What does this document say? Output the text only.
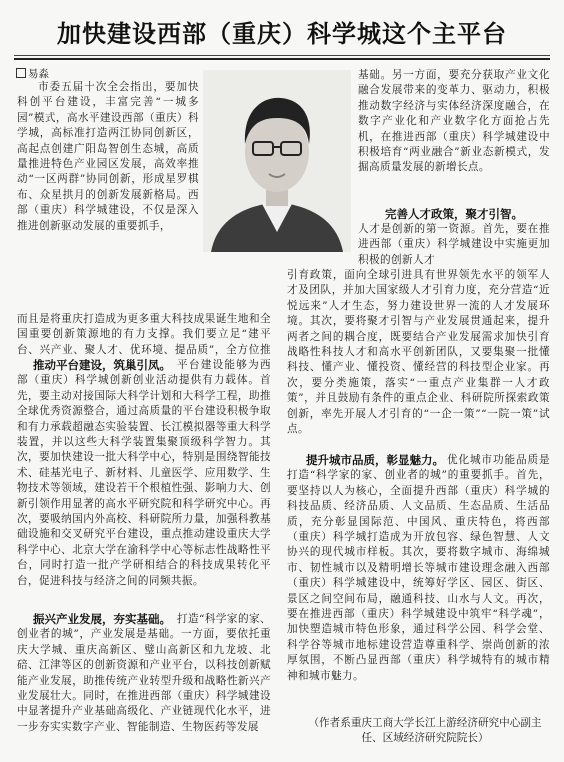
加快建设西部（重庆）科学城这个主平台
易淼
市委五届十次全会指出，要加快科创平台建设，丰富完善“一城多园”模式，高水平建设西部（重庆）科学城，高标准打造两江协同创新区，高起点创建广阳岛智创生态城，高质量推进特色产业园区发展，高效率推动“一区两群”协同创新，形成星罗棋布、众星拱月的创新发展新格局。西部（重庆）科学城建设，不仅是深入推进创新驱动发展的重要抓手，
而且是将重庆打造成为更多重大科技成果诞生地和全国重要创新策源地的有力支撑。我们要立足“建平台、兴产业、聚人才、优环境、提品质”，全方位推
推动平台建设，筑巢引凤。 平台建设能够为西部（重庆）科学城创新创业活动提供有力载体。首先，要主动对接国际大科学计划和大科学工程，助推全球优秀资源整合，通过高质量的平台建设积极争取和有力承载超融态实验装置、长江模拟器等重大科学装置，并以这些大科学装置集聚顶级科学智力。其次，要加快建设一批大科学中心，特别是围绕智能技术、硅基光电子、新材料、儿童医学、应用数学、生物技术等领域，建设若干个根植性强、影响力大、创新引领作用显著的高水平研究院和科学研究中心。再次，要吸纳国内外高校、科研院所力量，加强科教基础设施和交叉研究平台建设，重点推动建设重庆大学科学中心、北京大学在渝科学中心等标志性战略性平台，同时打造一批产学研相结合的科技成果转化平台，促进科技与经济之间的同频共振。
振兴产业发展，夯实基础。 打造“科学家的家、创业者的城”，产业发展是基础。一方面，要依托重庆大学城、重庆高新区、璧山高新区和九龙坡、北碚、江津等区的创新资源和产业平台，以科技创新赋能产业发展，助推传统产业转型升级和战略性新兴产业发展壮大。同时，在推进西部（重庆）科学城建设中显著提升产业基础高级化、产业链现代化水平，进一步夯实实数字产业、智能制造、生物医药等发展
基础。另一方面，要充分获取产业文化融合发展带来的变革力、驱动力，积极推动数字经济与实体经济深度融合，在数字产业化和产业数字化方面抢占先机，在推进西部（重庆）科学城建设中积极培育“两业融合”新业态新模式，发掘高质量发展的新增长点。
完善人才政策，聚才引智。
人才是创新的第一资源。首先，要在推进西部（重庆）科学城建设中实施更加积极的创新人才
引育政策，面向全球引进具有世界领先水平的领军人才及团队，并加大国家级人才引育力度，充分营造“近悦远来”人才生态，努力建设世界一流的人才发展环境。其次，要将聚才引智与产业发展贯通起来，提升两者之间的耦合度，既要结合产业发展需求加快引育战略性科技人才和高水平创新团队，又要集聚一批懂科技、懂产业、懂投资、懂经营的科技型企业家。再次，要分类施策，落实“一重点产业集群一人才政策”，并且鼓励有条件的重点企业、科研院所探索政策创新，率先开展人才引育的“一企一策”“一院一策”试点。
提升城市品质，彰显魅力。 优化城市功能品质是打造“科学家的家、创业者的城”的重要抓手。首先，要坚持以人为核心，全面提升西部（重庆）科学城的科技品质、经济品质、人文品质、生态品质、生活品质，充分彰显国际范、中国风、重庆特色，将西部（重庆）科学城打造成为开放包容、绿色智慧、人文协兴的现代城市样板。其次，要将数字城市、海绵城市、韧性城市以及精明增长等城市建设理念融入西部（重庆）科学城建设中，统筹好学区、园区、街区、景区之间空间布局，融通科技、山水与人文。再次，要在推进西部（重庆）科学城建设中筑牢“科学魂”，加快塑造城市特色形象，通过科学公园、科学会堂、科学谷等城市地标建设营造尊重科学、崇尚创新的浓厚氛围，不断凸显西部（重庆）科学城特有的城市精神和城市魅力。
（作者系重庆工商大学长江上游经济研究中心副主任、区域经济研究院院长）
